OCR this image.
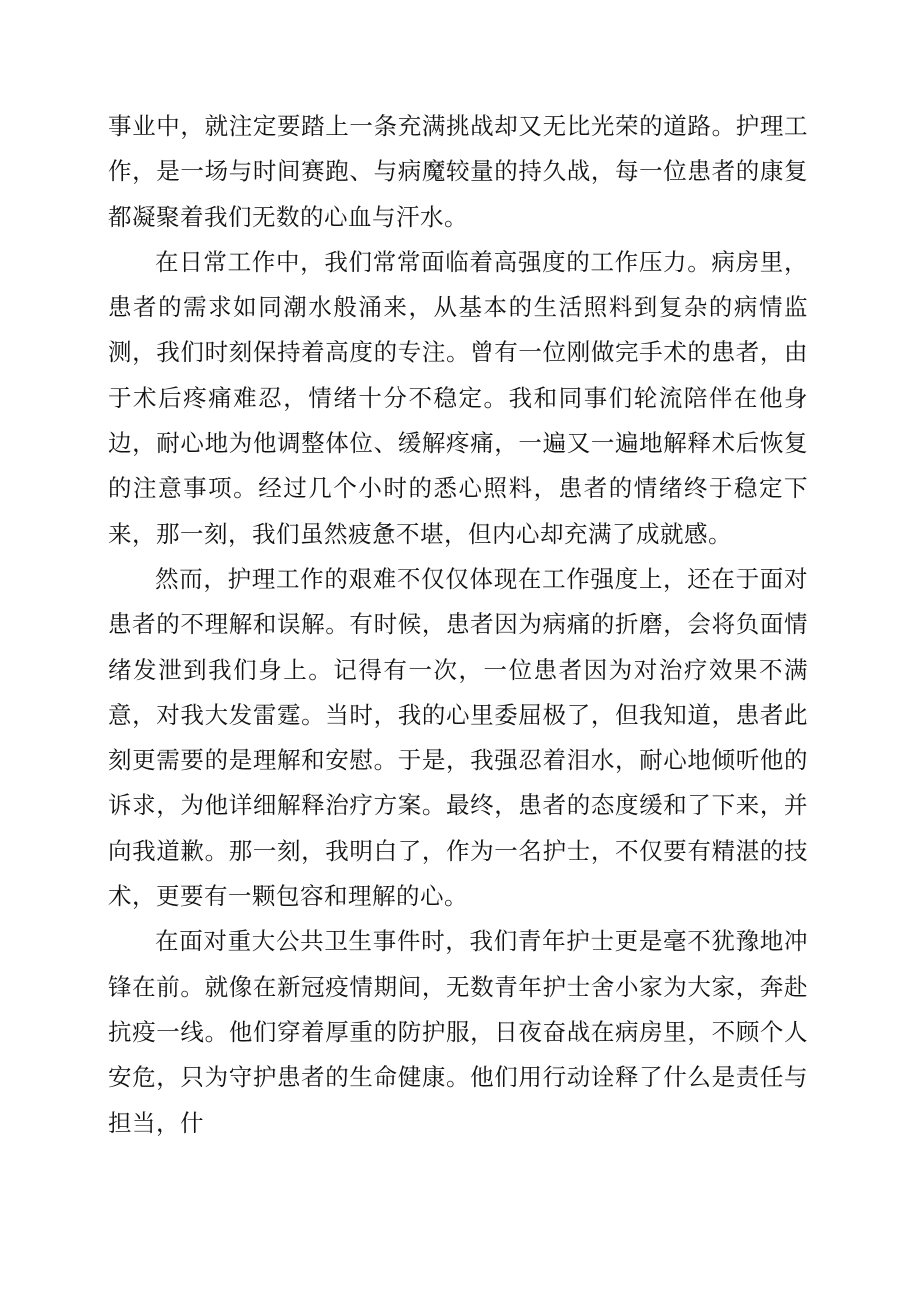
事业中，就注定要踏上一条充满挑战却又无比光荣的道路。护理工作，是一场与时间赛跑、与病魔较量的持久战，每一位患者的康复都凝聚着我们无数的心血与汗水。

在日常工作中，我们常常面临着高强度的工作压力。病房里，患者的需求如同潮水般涌来，从基本的生活照料到复杂的病情监测，我们时刻保持着高度的专注。曾有一位刚做完手术的患者，由于术后疼痛难忍，情绪十分不稳定。我和同事们轮流陪伴在他身边，耐心地为他调整体位、缓解疼痛，一遍又一遍地解释术后恢复的注意事项。经过几个小时的悉心照料，患者的情绪终于稳定下来，那一刻，我们虽然疲惫不堪，但内心却充满了成就感。

然而，护理工作的艰难不仅仅体现在工作强度上，还在于面对患者的不理解和误解。有时候，患者因为病痛的折磨，会将负面情绪发泄到我们身上。记得有一次，一位患者因为对治疗效果不满意，对我大发雷霆。当时，我的心里委屈极了，但我知道，患者此刻更需要的是理解和安慰。于是，我强忍着泪水，耐心地倾听他的诉求，为他详细解释治疗方案。最终，患者的态度缓和了下来，并向我道歉。那一刻，我明白了，作为一名护士，不仅要有精湛的技术，更要有一颗包容和理解的心。

在面对重大公共卫生事件时，我们青年护士更是毫不犹豫地冲锋在前。就像在新冠疫情期间，无数青年护士舍小家为大家，奔赴抗疫一线。他们穿着厚重的防护服，日夜奋战在病房里，不顾个人安危，只为守护患者的生命健康。他们用行动诠释了什么是责任与担当，什
